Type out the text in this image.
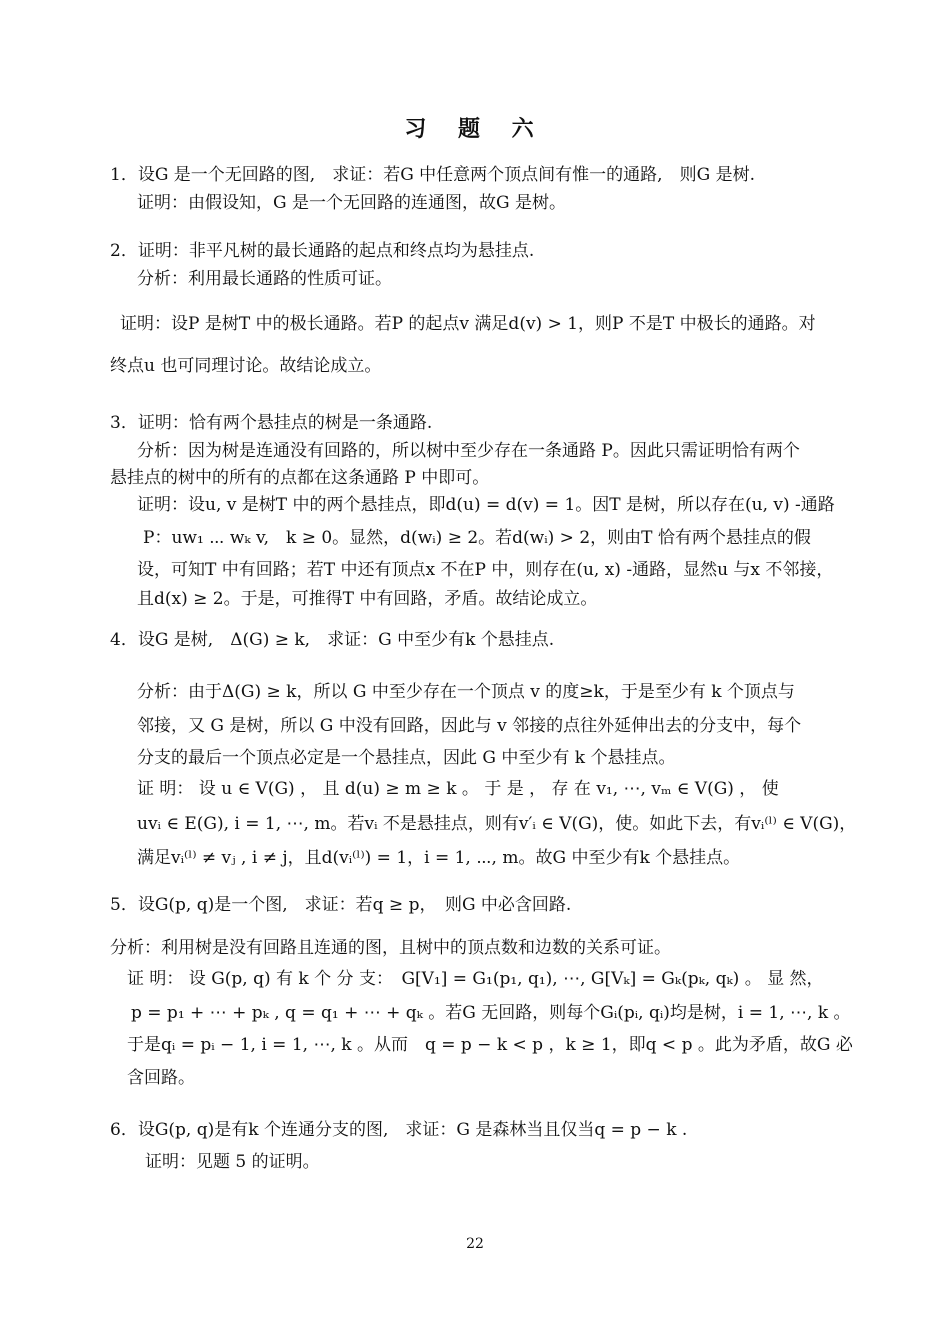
习 题 六
1．设G 是一个无回路的图,　求证：若G 中任意两个顶点间有惟一的通路,　则G 是树.
证明：由假设知，G 是一个无回路的连通图，故G 是树。
2．证明：非平凡树的最长通路的起点和终点均为悬挂点.
分析：利用最长通路的性质可证。
证明：设P 是树T 中的极长通路。若P 的起点v 满足d(v) > 1，则P 不是T 中极长的通路。对
终点u 也可同理讨论。故结论成立。
3．证明：恰有两个悬挂点的树是一条通路.
分析：因为树是连通没有回路的，所以树中至少存在一条通路 P。因此只需证明恰有两个
悬挂点的树中的所有的点都在这条通路 P 中即可。
证明：设u, v 是树T 中的两个悬挂点，即d(u) = d(v) = 1。因T 是树，所以存在(u, v) -通路
P：uw₁ ⋯ wₖ v,　k ≥ 0。显然，d(wᵢ) ≥ 2。若d(wᵢ) > 2，则由T 恰有两个悬挂点的假
设，可知T 中有回路；若T 中还有顶点x 不在P 中，则存在(u, x) -通路，显然u 与x 不邻接，
且d(x) ≥ 2。于是，可推得T 中有回路，矛盾。故结论成立。
4．设G 是树,　Δ(G) ≥ k,　求证：G 中至少有k 个悬挂点.
分析：由于Δ(G) ≥ k，所以 G 中至少存在一个顶点 v 的度≥k，于是至少有 k 个顶点与
邻接，又 G 是树，所以 G 中没有回路，因此与 v 邻接的点往外延伸出去的分支中，每个
分支的最后一个顶点必定是一个悬挂点，因此 G 中至少有 k 个悬挂点。
证 明： 设 u ∈ V(G) ， 且 d(u) ≥ m ≥ k 。 于 是 ， 存 在 v₁, ⋯, vₘ ∈ V(G) ， 使
uvᵢ ∈ E(G), i = 1, ⋯, m。若vᵢ 不是悬挂点，则有v′ᵢ ∈ V(G)，使。如此下去，有vᵢ⁽ˡ⁾ ∈ V(G)，
满足vᵢ⁽ˡ⁾ ≠ vⱼ , i ≠ j，且d(vᵢ⁽ˡ⁾) = 1，i = 1, ⋯, m。故G 中至少有k 个悬挂点。
5．设G(p, q)是一个图,　求证：若q ≥ p，　则G 中必含回路.
分析：利用树是没有回路且连通的图，且树中的顶点数和边数的关系可证。
证 明： 设 G(p, q) 有 k 个 分 支：　G[V₁] = G₁(p₁, q₁), ⋯, G[Vₖ] = Gₖ(pₖ, qₖ) 。 显 然，
p = p₁ + ⋯ + pₖ , q = q₁ + ⋯ + qₖ 。若G 无回路，则每个Gᵢ(pᵢ, qᵢ)均是树，i = 1, ⋯, k 。
于是qᵢ = pᵢ − 1, i = 1, ⋯, k 。从而　q = p − k < p ，k ≥ 1，即q < p 。此为矛盾，故G 必
含回路。
6．设G(p, q)是有k 个连通分支的图,　求证：G 是森林当且仅当q = p − k .
证明：见题 5 的证明。
22
